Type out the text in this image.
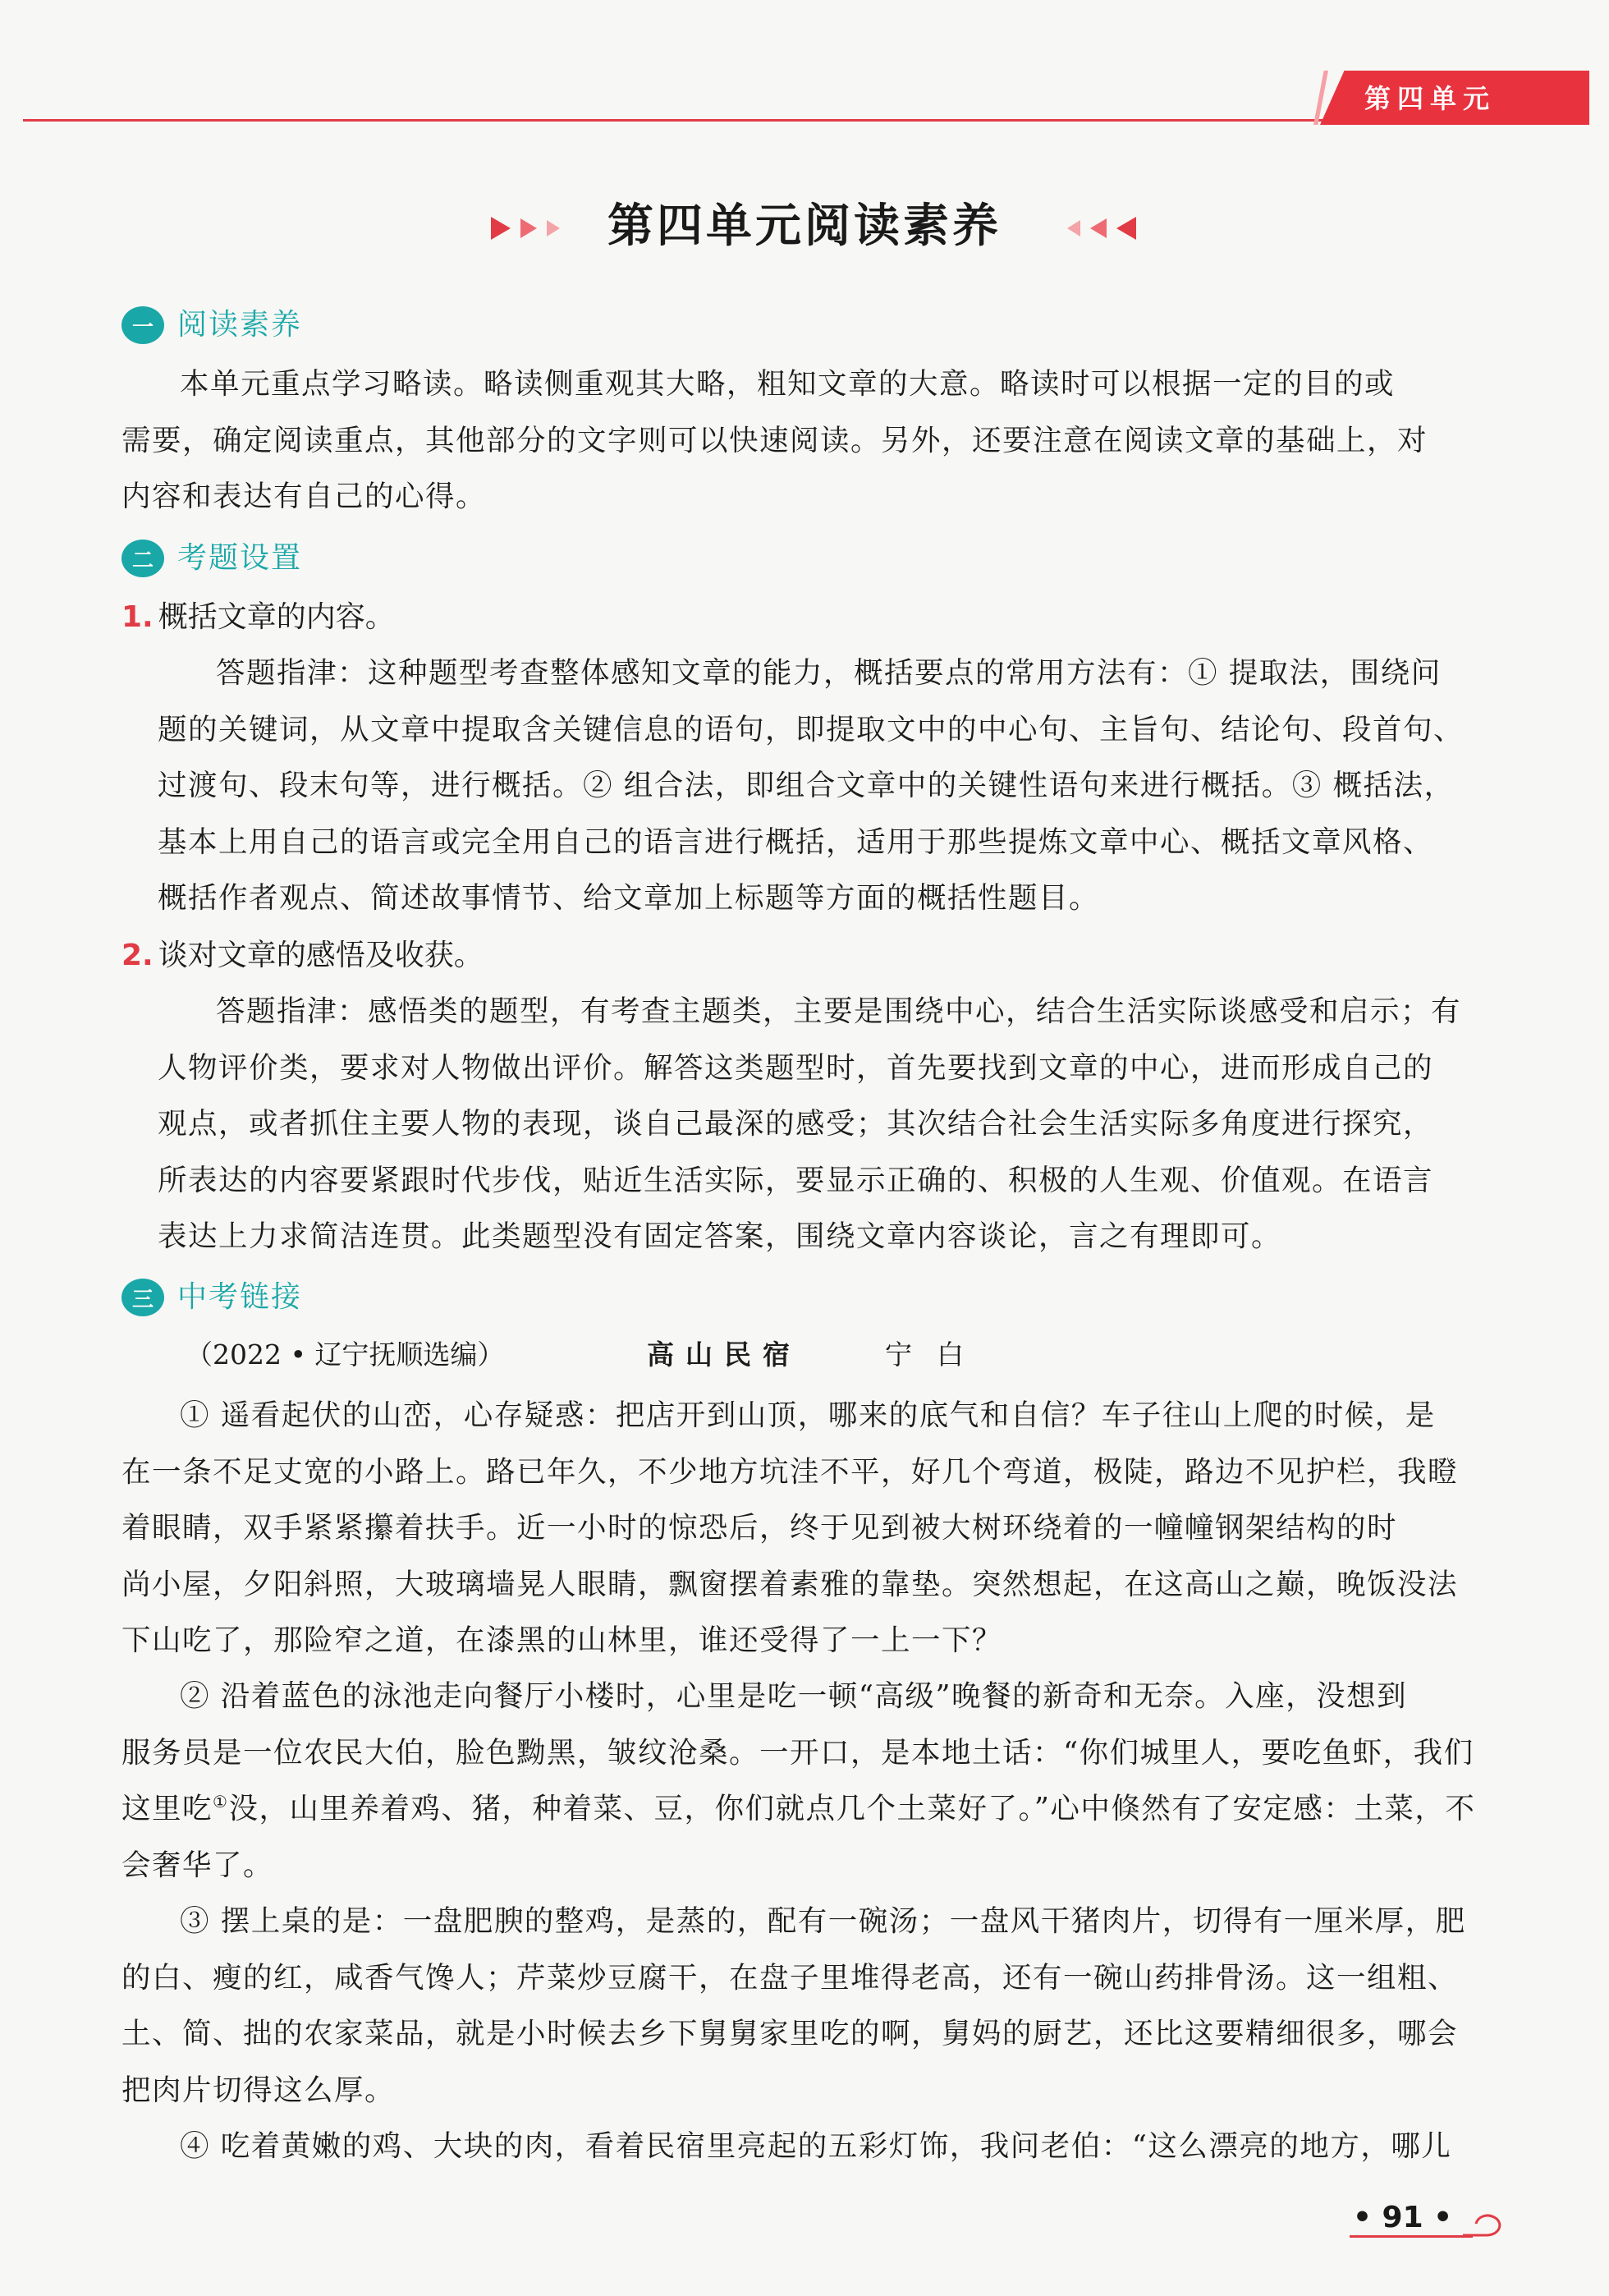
第四单元
第四单元阅读素养
一 阅读素养
本单元重点学习略读。略读侧重观其大略，粗知文章的大意。略读时可以根据一定的目的或
需要，确定阅读重点，其他部分的文字则可以快速阅读。另外，还要注意在阅读文章的基础上，对
内容和表达有自己的心得。
二 考题设置
1. 概括文章的内容。
答题指津：这种题型考查整体感知文章的能力，概括要点的常用方法有：① 提取法，围绕问
题的关键词，从文章中提取含关键信息的语句，即提取文中的中心句、主旨句、结论句、段首句、
过渡句、段末句等，进行概括。② 组合法，即组合文章中的关键性语句来进行概括。③ 概括法，
基本上用自己的语言或完全用自己的语言进行概括，适用于那些提炼文章中心、概括文章风格、
概括作者观点、简述故事情节、给文章加上标题等方面的概括性题目。
2. 谈对文章的感悟及收获。
答题指津：感悟类的题型，有考查主题类，主要是围绕中心，结合生活实际谈感受和启示；有
人物评价类，要求对人物做出评价。解答这类题型时，首先要找到文章的中心，进而形成自己的
观点，或者抓住主要人物的表现，谈自己最深的感受；其次结合社会生活实际多角度进行探究，
所表达的内容要紧跟时代步伐，贴近生活实际，要显示正确的、积极的人生观、价值观。在语言
表达上力求简洁连贯。此类题型没有固定答案，围绕文章内容谈论，言之有理即可。
三 中考链接
（2022 • 辽宁抚顺选编）	高山民宿	宁白
① 遥看起伏的山峦，心存疑惑：把店开到山顶，哪来的底气和自信？车子往山上爬的时候，是
在一条不足丈宽的小路上。路已年久，不少地方坑洼不平，好几个弯道，极陡，路边不见护栏，我瞪
着眼睛，双手紧紧攥着扶手。近一小时的惊恐后，终于见到被大树环绕着的一幢幢钢架结构的时
尚小屋，夕阳斜照，大玻璃墙晃人眼睛，飘窗摆着素雅的靠垫。突然想起，在这高山之巅，晚饭没法
下山吃了，那险窄之道，在漆黑的山林里，谁还受得了一上一下？
② 沿着蓝色的泳池走向餐厅小楼时，心里是吃一顿“高级”晚餐的新奇和无奈。入座，没想到
服务员是一位农民大伯，脸色黝黑，皱纹沧桑。一开口，是本地土话：“你们城里人，要吃鱼虾，我们
这里吃①没，山里养着鸡、猪，种着菜、豆，你们就点几个土菜好了。”心中倏然有了安定感：土菜，不
会奢华了。
③ 摆上桌的是：一盘肥腴的整鸡，是蒸的，配有一碗汤；一盘风干猪肉片，切得有一厘米厚，肥
的白、瘦的红，咸香气馋人；芹菜炒豆腐干，在盘子里堆得老高，还有一碗山药排骨汤。这一组粗、
土、简、拙的农家菜品，就是小时候去乡下舅舅家里吃的啊，舅妈的厨艺，还比这要精细很多，哪会
把肉片切得这么厚。
④ 吃着黄嫩的鸡、大块的肉，看着民宿里亮起的五彩灯饰，我问老伯：“这么漂亮的地方，哪儿
• 91 •
